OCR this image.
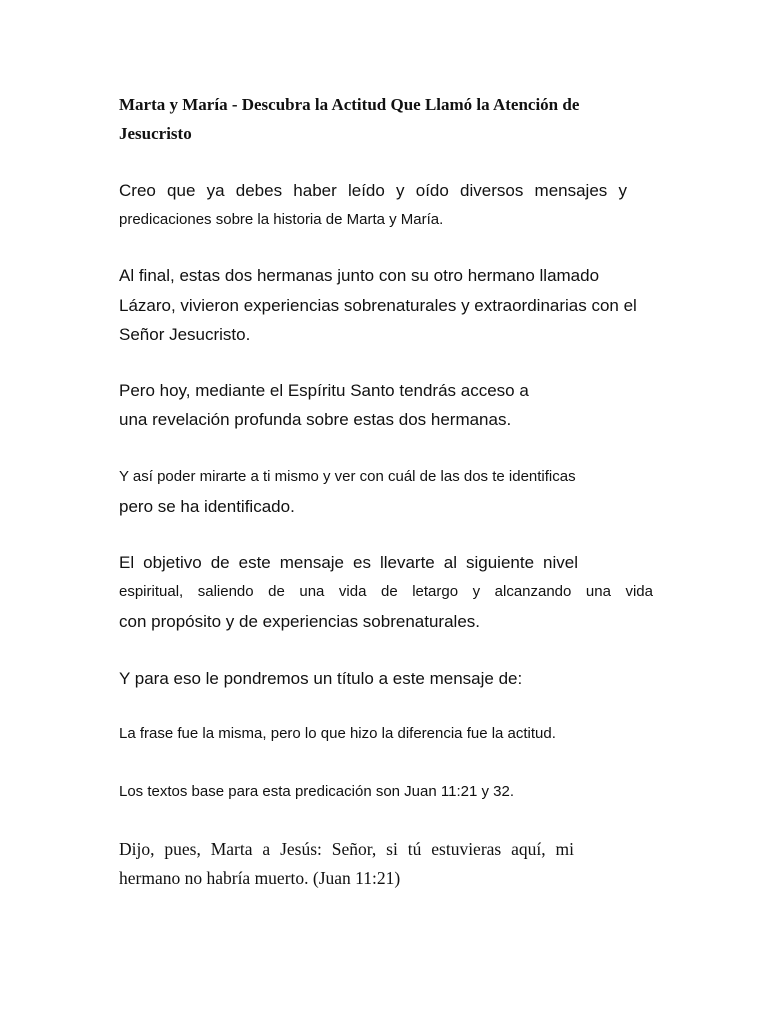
Marta y María - Descubra la Actitud Que Llamó la Atención de

Jesucristo

Creo que ya debes haber leído y oído diversos mensajes y

predicaciones sobre la historia de Marta y María.

Al final, estas dos hermanas junto con su otro hermano llamado

Lázaro, vivieron experiencias sobrenaturales y extraordinarias con el

Señor Jesucristo.

Pero hoy, mediante el Espíritu Santo tendrás acceso a

una revelación profunda sobre estas dos hermanas.

Y así poder mirarte a ti mismo y ver con cuál de las dos te identificas

pero se ha identificado.

El objetivo de este mensaje es llevarte al siguiente nivel

espiritual, saliendo de una vida de letargo y alcanzando una vida

con propósito y de experiencias sobrenaturales.

Y para eso le pondremos un título a este mensaje de:

La frase fue la misma, pero lo que hizo la diferencia fue la actitud.

Los textos base para esta predicación son Juan 11:21 y 32.

Dijo, pues, Marta a Jesús: Señor, si tú estuvieras aquí, mi

hermano no habría muerto. (Juan 11:21)
